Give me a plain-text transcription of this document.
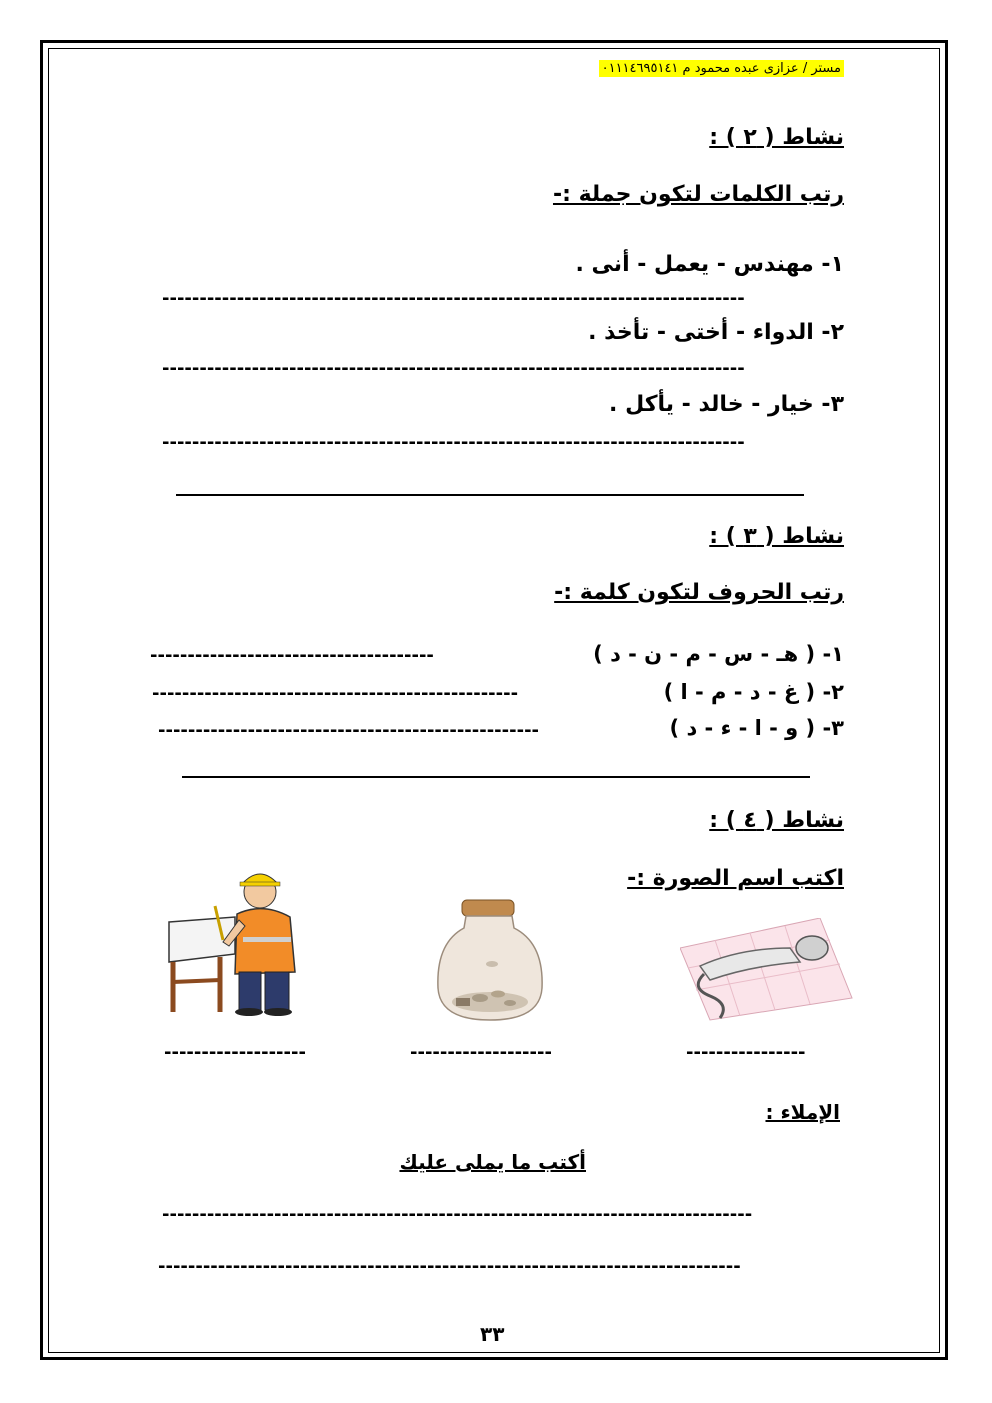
مستر / عزازى عبده محمود م ٠١١١٤٦٩٥١٤١
نشاط ( ٢ ) :
رتب الكلمات لتكون جملة :-
١- مهندس - يعمل - أنى .
------------------------------------------------------------------------------
٢- الدواء - أختى - تأخذ .
------------------------------------------------------------------------------
٣- خيار - خالد - يأكل .
------------------------------------------------------------------------------
نشاط ( ٣ ) :
رتب الحروف لتكون كلمة :-
١- ( هـ - س - م - ن - د )
--------------------------------------
٢- ( غ - د - م - ا )
-------------------------------------------------
٣- ( و - ا - ء - د )
---------------------------------------------------
نشاط ( ٤ ) :
اكتب اسم الصورة :-
-------------------	-------------------	----------------
الإملاء :
أكتب ما يملى عليك
-------------------------------------------------------------------------------
------------------------------------------------------------------------------
٣٣
